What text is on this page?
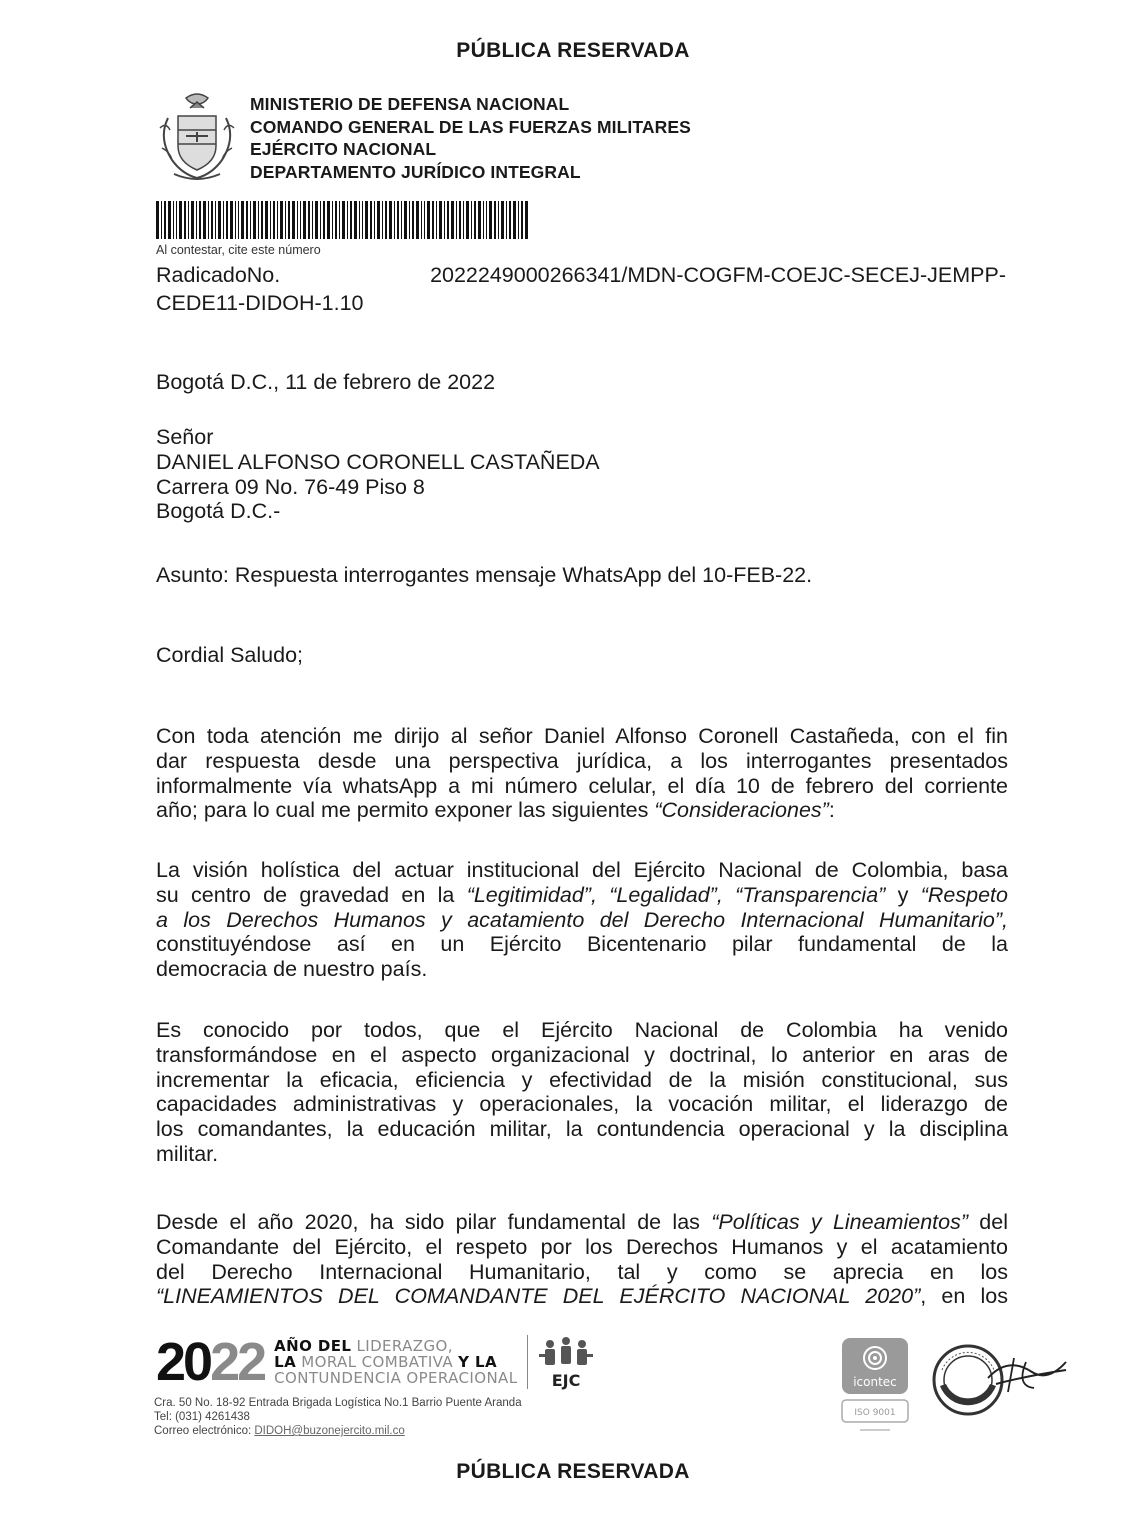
PÚBLICA RESERVADA
MINISTERIO DE DEFENSA NACIONAL
COMANDO GENERAL DE LAS FUERZAS MILITARES
EJÉRCITO NACIONAL
DEPARTAMENTO JURÍDICO INTEGRAL
Al contestar, cite este número
Radicado No.	2022249000266341/MDN-COGFM-COEJC-SECEJ-JEMPP-
CEDE11-DIDOH-1.10
Bogotá D.C., 11 de febrero de 2022
Señor
DANIEL ALFONSO CORONELL CASTAÑEDA
Carrera 09 No. 76-49 Piso 8
Bogotá D.C.-
Asunto: Respuesta interrogantes mensaje WhatsApp del 10-FEB-22.
Cordial Saludo;
Con toda atención me dirijo al señor Daniel Alfonso Coronell Castañeda, con el fin
dar respuesta desde una perspectiva jurídica, a los interrogantes presentados
informalmente vía whatsApp a mi número celular, el día 10 de febrero del corriente
año; para lo cual me permito exponer las siguientes “Consideraciones”:
La visión holística del actuar institucional del Ejército Nacional de Colombia, basa
su centro de gravedad en la “Legitimidad”, “Legalidad”, “Transparencia” y “Respeto
a los Derechos Humanos y acatamiento del Derecho Internacional Humanitario”,
constituyéndose así en un Ejército Bicentenario pilar fundamental de la
democracia de nuestro país.
Es conocido por todos, que el Ejército Nacional de Colombia ha venido
transformándose en el aspecto organizacional y doctrinal, lo anterior en aras de
incrementar la eficacia, eficiencia y efectividad de la misión constitucional, sus
capacidades administrativas y operacionales, la vocación militar, el liderazgo de
los comandantes, la educación militar, la contundencia operacional y la disciplina
militar.
Desde el año 2020, ha sido pilar fundamental de las “Políticas y Lineamientos” del
Comandante del Ejército, el respeto por los Derechos Humanos y el acatamiento
del Derecho Internacional Humanitario, tal y como se aprecia en los
“LINEAMIENTOS DEL COMANDANTE DEL EJÉRCITO NACIONAL 2020”, en los
2022 AÑO DEL LIDERAZGO,
LA MORAL COMBATIVA Y LA
CONTUNDENCIA OPERACIONAL EJC
Cra. 50 No. 18-92 Entrada Brigada Logística No.1 Barrio Puente Aranda
Tel: (031) 4261438
Correo electrónico: DIDOH@buzonejercito.mil.co
icontec
ISO 9001
PÚBLICA RESERVADA
